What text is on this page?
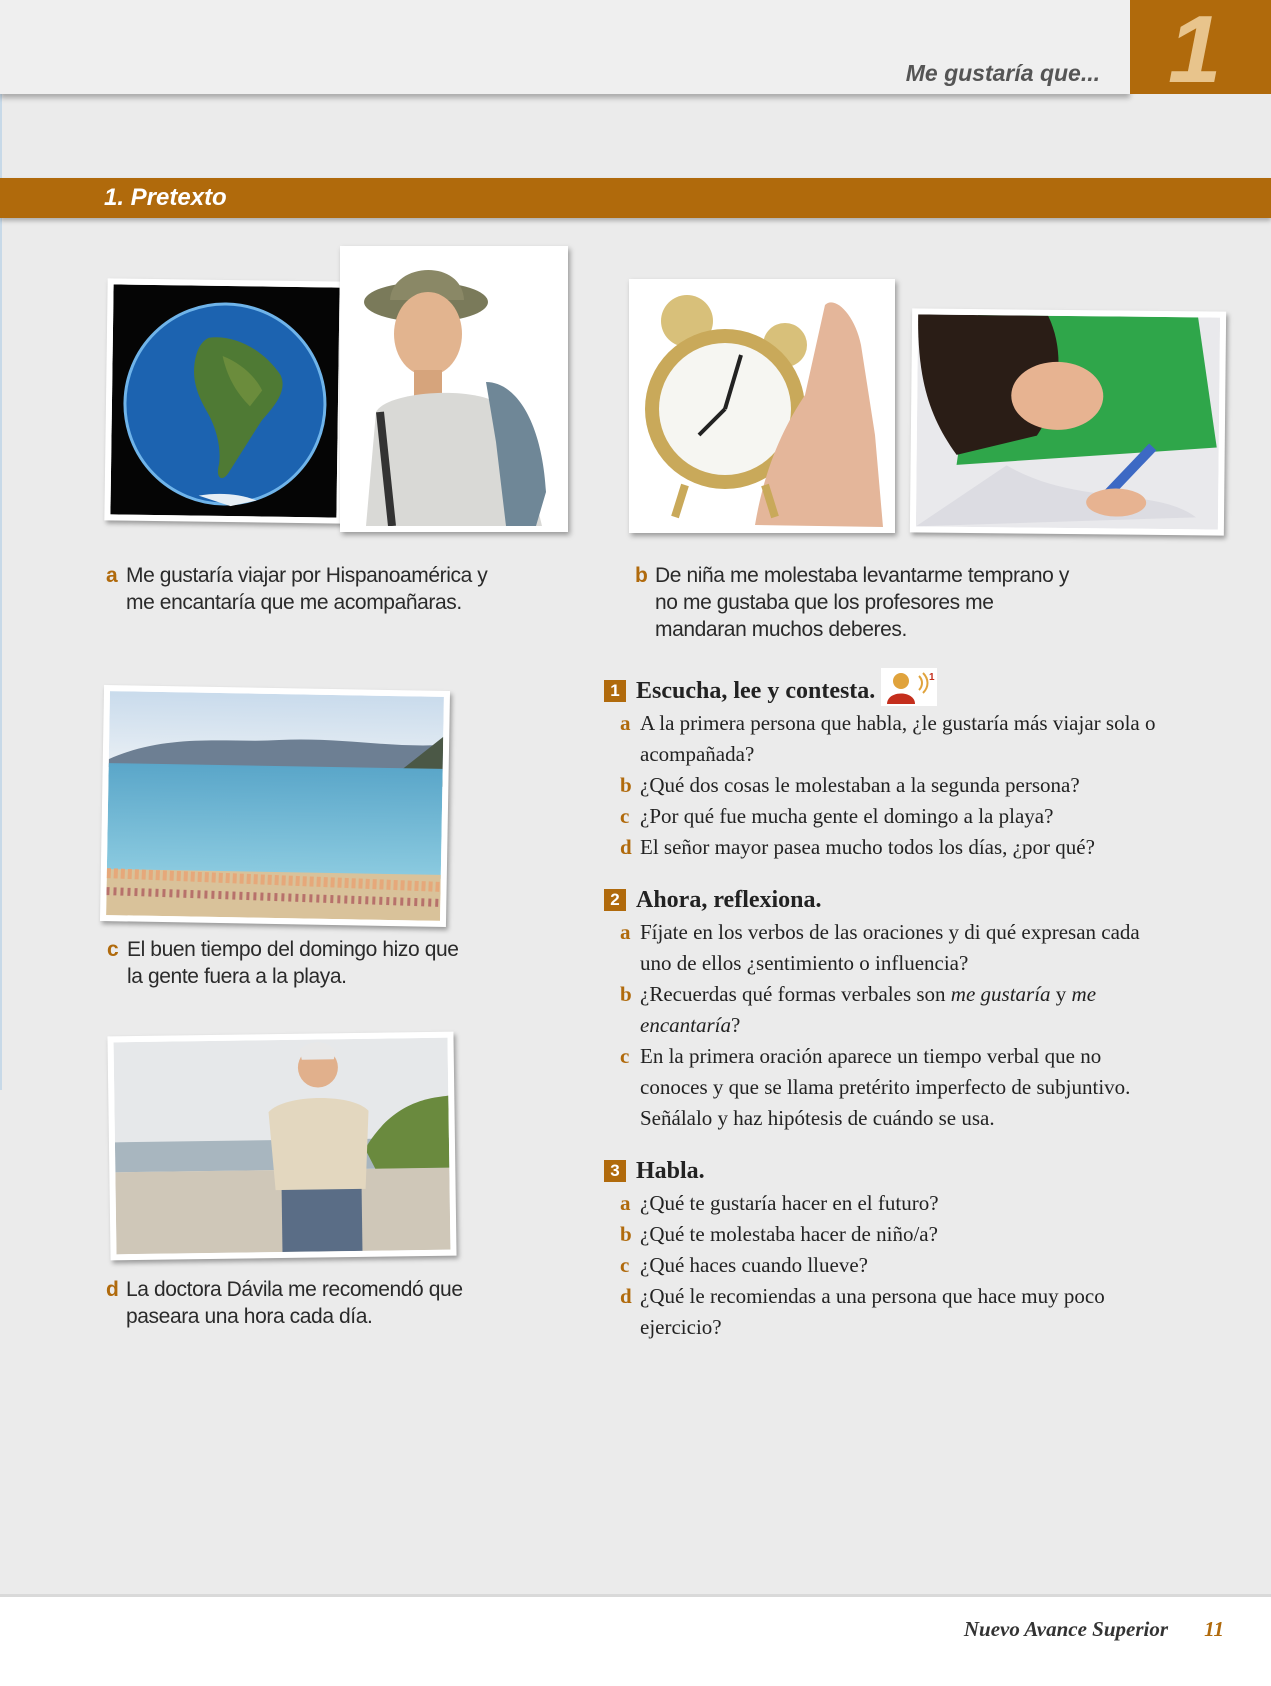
Me gustaría que... 1
1. Pretexto
a Me gustaría viajar por Hispanoamérica y me encantaría que me acompañaras.
b De niña me molestaba levantarme temprano y no me gustaba que los profesores me mandaran muchos deberes.
c El buen tiempo del domingo hizo que la gente fuera a la playa.
d La doctora Dávila me recomendó que paseara una hora cada día.
1 Escucha, lee y contesta.	1
a A la primera persona que habla, ¿le gustaría más viajar sola o acompañada?
b ¿Qué dos cosas le molestaban a la segunda persona?
c ¿Por qué fue mucha gente el domingo a la playa?
d El señor mayor pasea mucho todos los días, ¿por qué?
2 Ahora, reflexiona.
a Fíjate en los verbos de las oraciones y di qué expresan cada uno de ellos ¿sentimiento o influencia?
b ¿Recuerdas qué formas verbales son me gustaría y me encantaría?
c En la primera oración aparece un tiempo verbal que no conoces y que se llama pretérito imperfecto de subjuntivo. Señálalo y haz hipótesis de cuándo se usa.
3 Habla.
a ¿Qué te gustaría hacer en el futuro?
b ¿Qué te molestaba hacer de niño/a?
c ¿Qué haces cuando llueve?
d ¿Qué le recomiendas a una persona que hace muy poco ejercicio?
Nuevo Avance Superior 11
